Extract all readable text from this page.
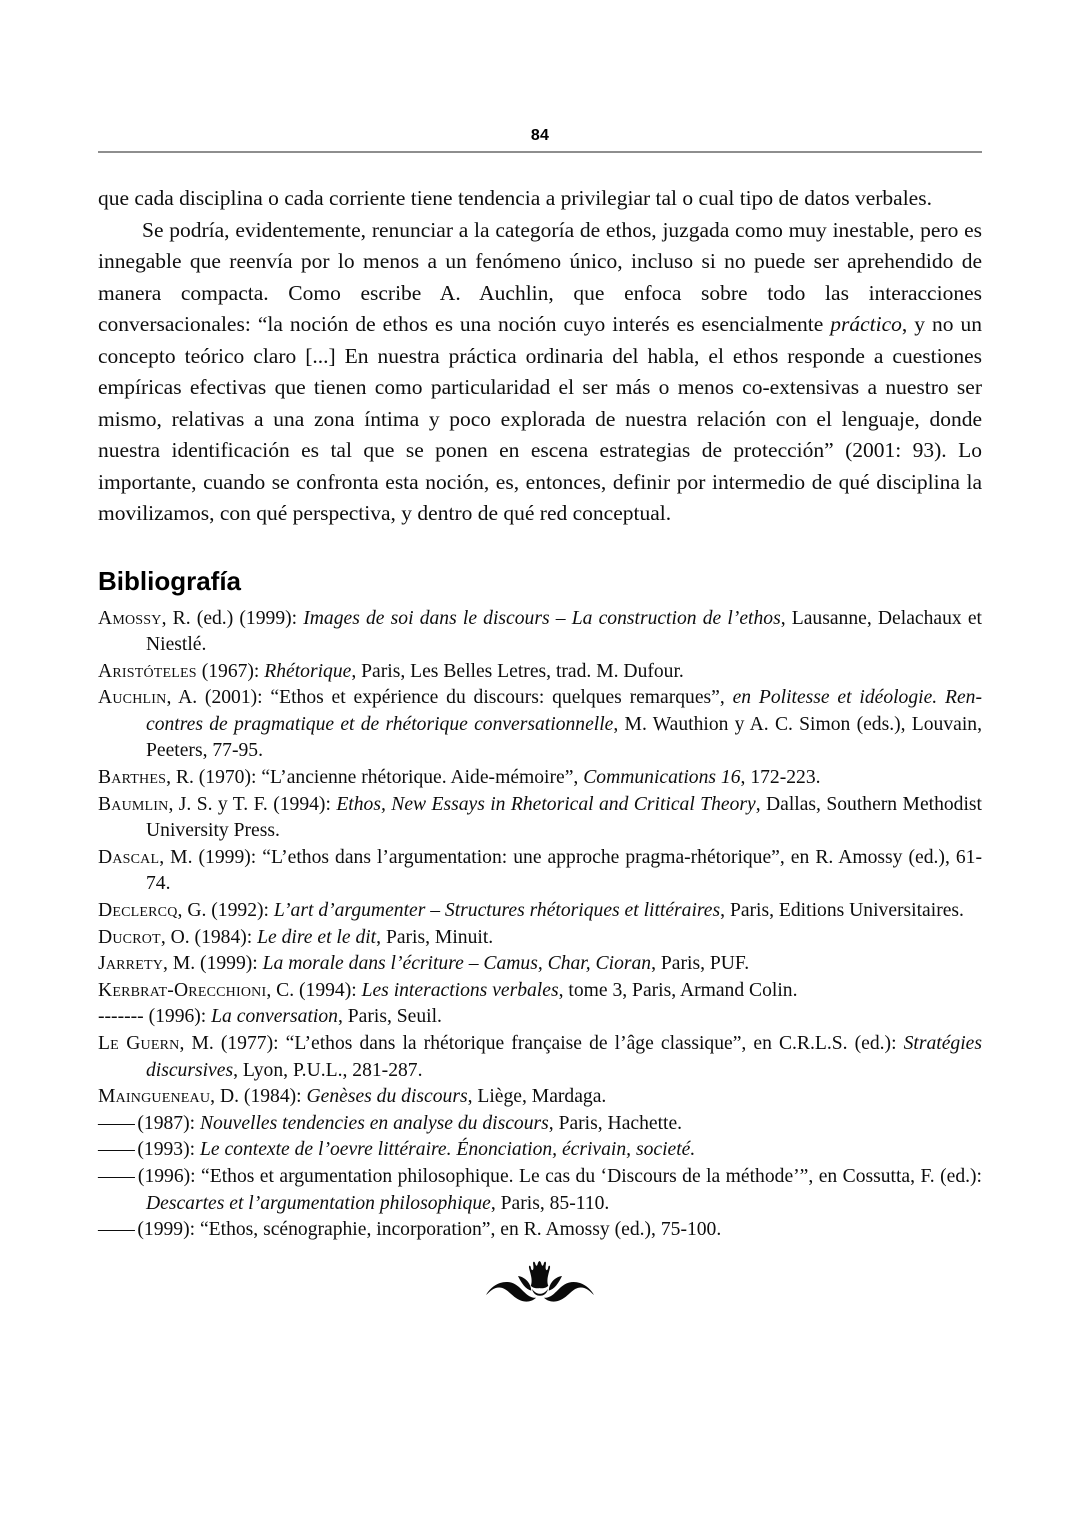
84

que cada disciplina o cada corriente tiene tendencia a privilegiar tal o cual tipo de datos verbales.

Se podría, evidentemente, renunciar a la categoría de ethos, juzgada como muy inestable, pero es innegable que reenvía por lo menos a un fenómeno único, incluso si no puede ser aprehendido de manera compacta. Como escribe A. Auchlin, que enfoca sobre todo las interacciones conversacionales: “la noción de ethos es una noción cuyo interés es esencialmente práctico, y no un concepto teórico claro [...] En nuestra práctica ordinaria del habla, el ethos responde a cuestiones empíricas efectivas que tienen como particularidad el ser más o menos co-extensivas a nuestro ser mismo, relativas a una zona íntima y poco explorada de nuestra relación con el lenguaje, donde nuestra identificación es tal que se ponen en escena estrategias de protección” (2001: 93). Lo importante, cuando se confronta esta noción, es, entonces, definir por intermedio de qué disciplina la movilizamos, con qué perspectiva, y dentro de qué red conceptual.

Bibliografía

Amossy, R. (ed.) (1999): Images de soi dans le discours – La construction de l’ethos, Lausanne, Delachaux et Niestlé.

Aristóteles (1967): Rhétorique, Paris, Les Belles Letres, trad. M. Dufour.

Auchlin, A. (2001): “Ethos et expérience du discours: quelques remarques”, en Politesse et idéologie. Rencontres de pragmatique et de rhétorique conversationnelle, M. Wauthion y A. C. Simon (eds.), Louvain, Peeters, 77-95.

Barthes, R. (1970): “L’ancienne rhétorique. Aide-mémoire”, Communications 16, 172-223.

Baumlin, J. S. y T. F. (1994): Ethos, New Essays in Rhetorical and Critical Theory, Dallas, Southern Methodist University Press.

Dascal, M. (1999): “L’ethos dans l’argumentation: une approche pragma-rhétorique”, en R. Amossy (ed.), 61-74.

Declercq, G. (1992): L’art d’argumenter – Structures rhétoriques et littéraires, Paris, Editions Universitaires.

Ducrot, O. (1984): Le dire et le dit, Paris, Minuit.

Jarrety, M. (1999): La morale dans l’écriture – Camus, Char, Cioran, Paris, PUF.

Kerbrat-Orecchioni, C. (1994): Les interactions verbales, tome 3, Paris, Armand Colin.

------- (1996): La conversation, Paris, Seuil.

Le Guern, M. (1977): “L’ethos dans la rhétorique française de l’âge classique”, en C.R.L.S. (ed.): Stratégies discursives, Lyon, P.U.L., 281-287.

Maingueneau, D. (1984): Genèses du discours, Liège, Mardaga.

—— (1987): Nouvelles tendencies en analyse du discours, Paris, Hachette.

—— (1993): Le contexte de l’oevre littéraire. Énonciation, écrivain, societé.

—— (1996): “Ethos et argumentation philosophique. Le cas du ‘Discours de la méthode’”, en Cossutta, F. (ed.): Descartes et l’argumentation philosophique, Paris, 85-110.

—— (1999): “Ethos, scénographie, incorporation”, en R. Amossy (ed.), 75-100.
